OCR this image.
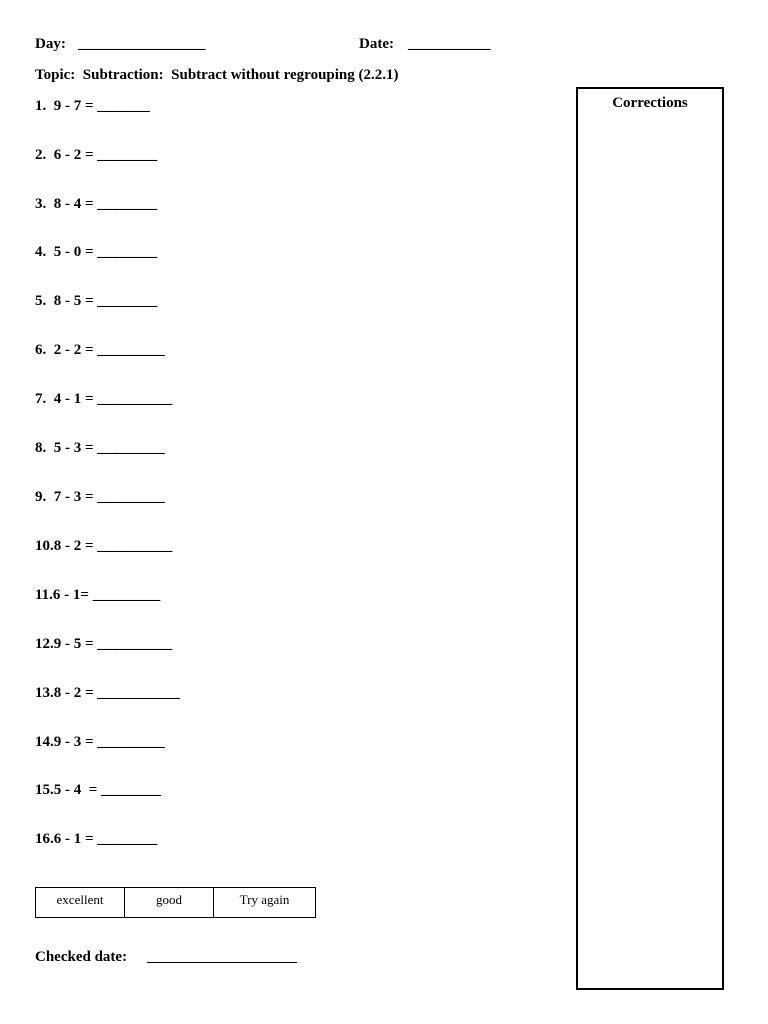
Day: _________________	Date: ___________
Topic:  Subtraction:  Subtract without regrouping (2.2.1)
1.  9 - 7 = _______
2.  6 - 2 = ________
3.  8 - 4 = ________
4.  5 - 0 = ________
5.  8 - 5 = ________
6.  2 - 2 = _________
7.  4 - 1 = __________
8.  5 - 3 = _________
9.  7 - 3 = _________
10.8 - 2 = __________
11.6 - 1= _________
12.9 - 5 = __________
13.8 - 2 = ___________
14.9 - 3 = _________
15.5 - 4  = ________
16.6 - 1 = ________
Corrections
excellent	good	Try again
Checked date: ____________________
